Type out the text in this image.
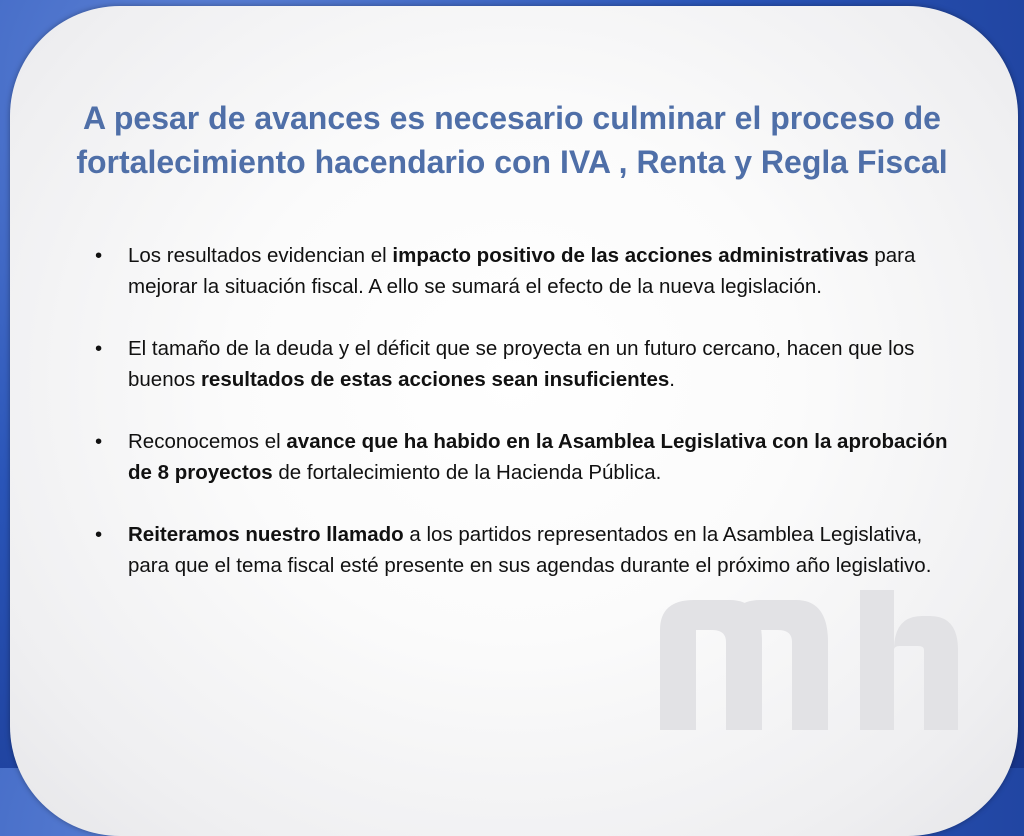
A pesar de avances es necesario culminar el proceso de fortalecimiento hacendario con IVA , Renta y Regla Fiscal
• Los resultados evidencian el impacto positivo de las acciones administrativas para mejorar la situación fiscal. A ello se sumará el efecto de la nueva legislación.
• El tamaño de la deuda y el déficit que se proyecta en un futuro cercano, hacen que los buenos resultados de estas acciones sean insuficientes.
• Reconocemos el avance que ha habido en la Asamblea Legislativa con la aprobación de 8 proyectos de fortalecimiento de la Hacienda Pública.
• Reiteramos nuestro llamado a los partidos representados en la Asamblea Legislativa, para que el tema fiscal esté presente en sus agendas durante el próximo año legislativo.
